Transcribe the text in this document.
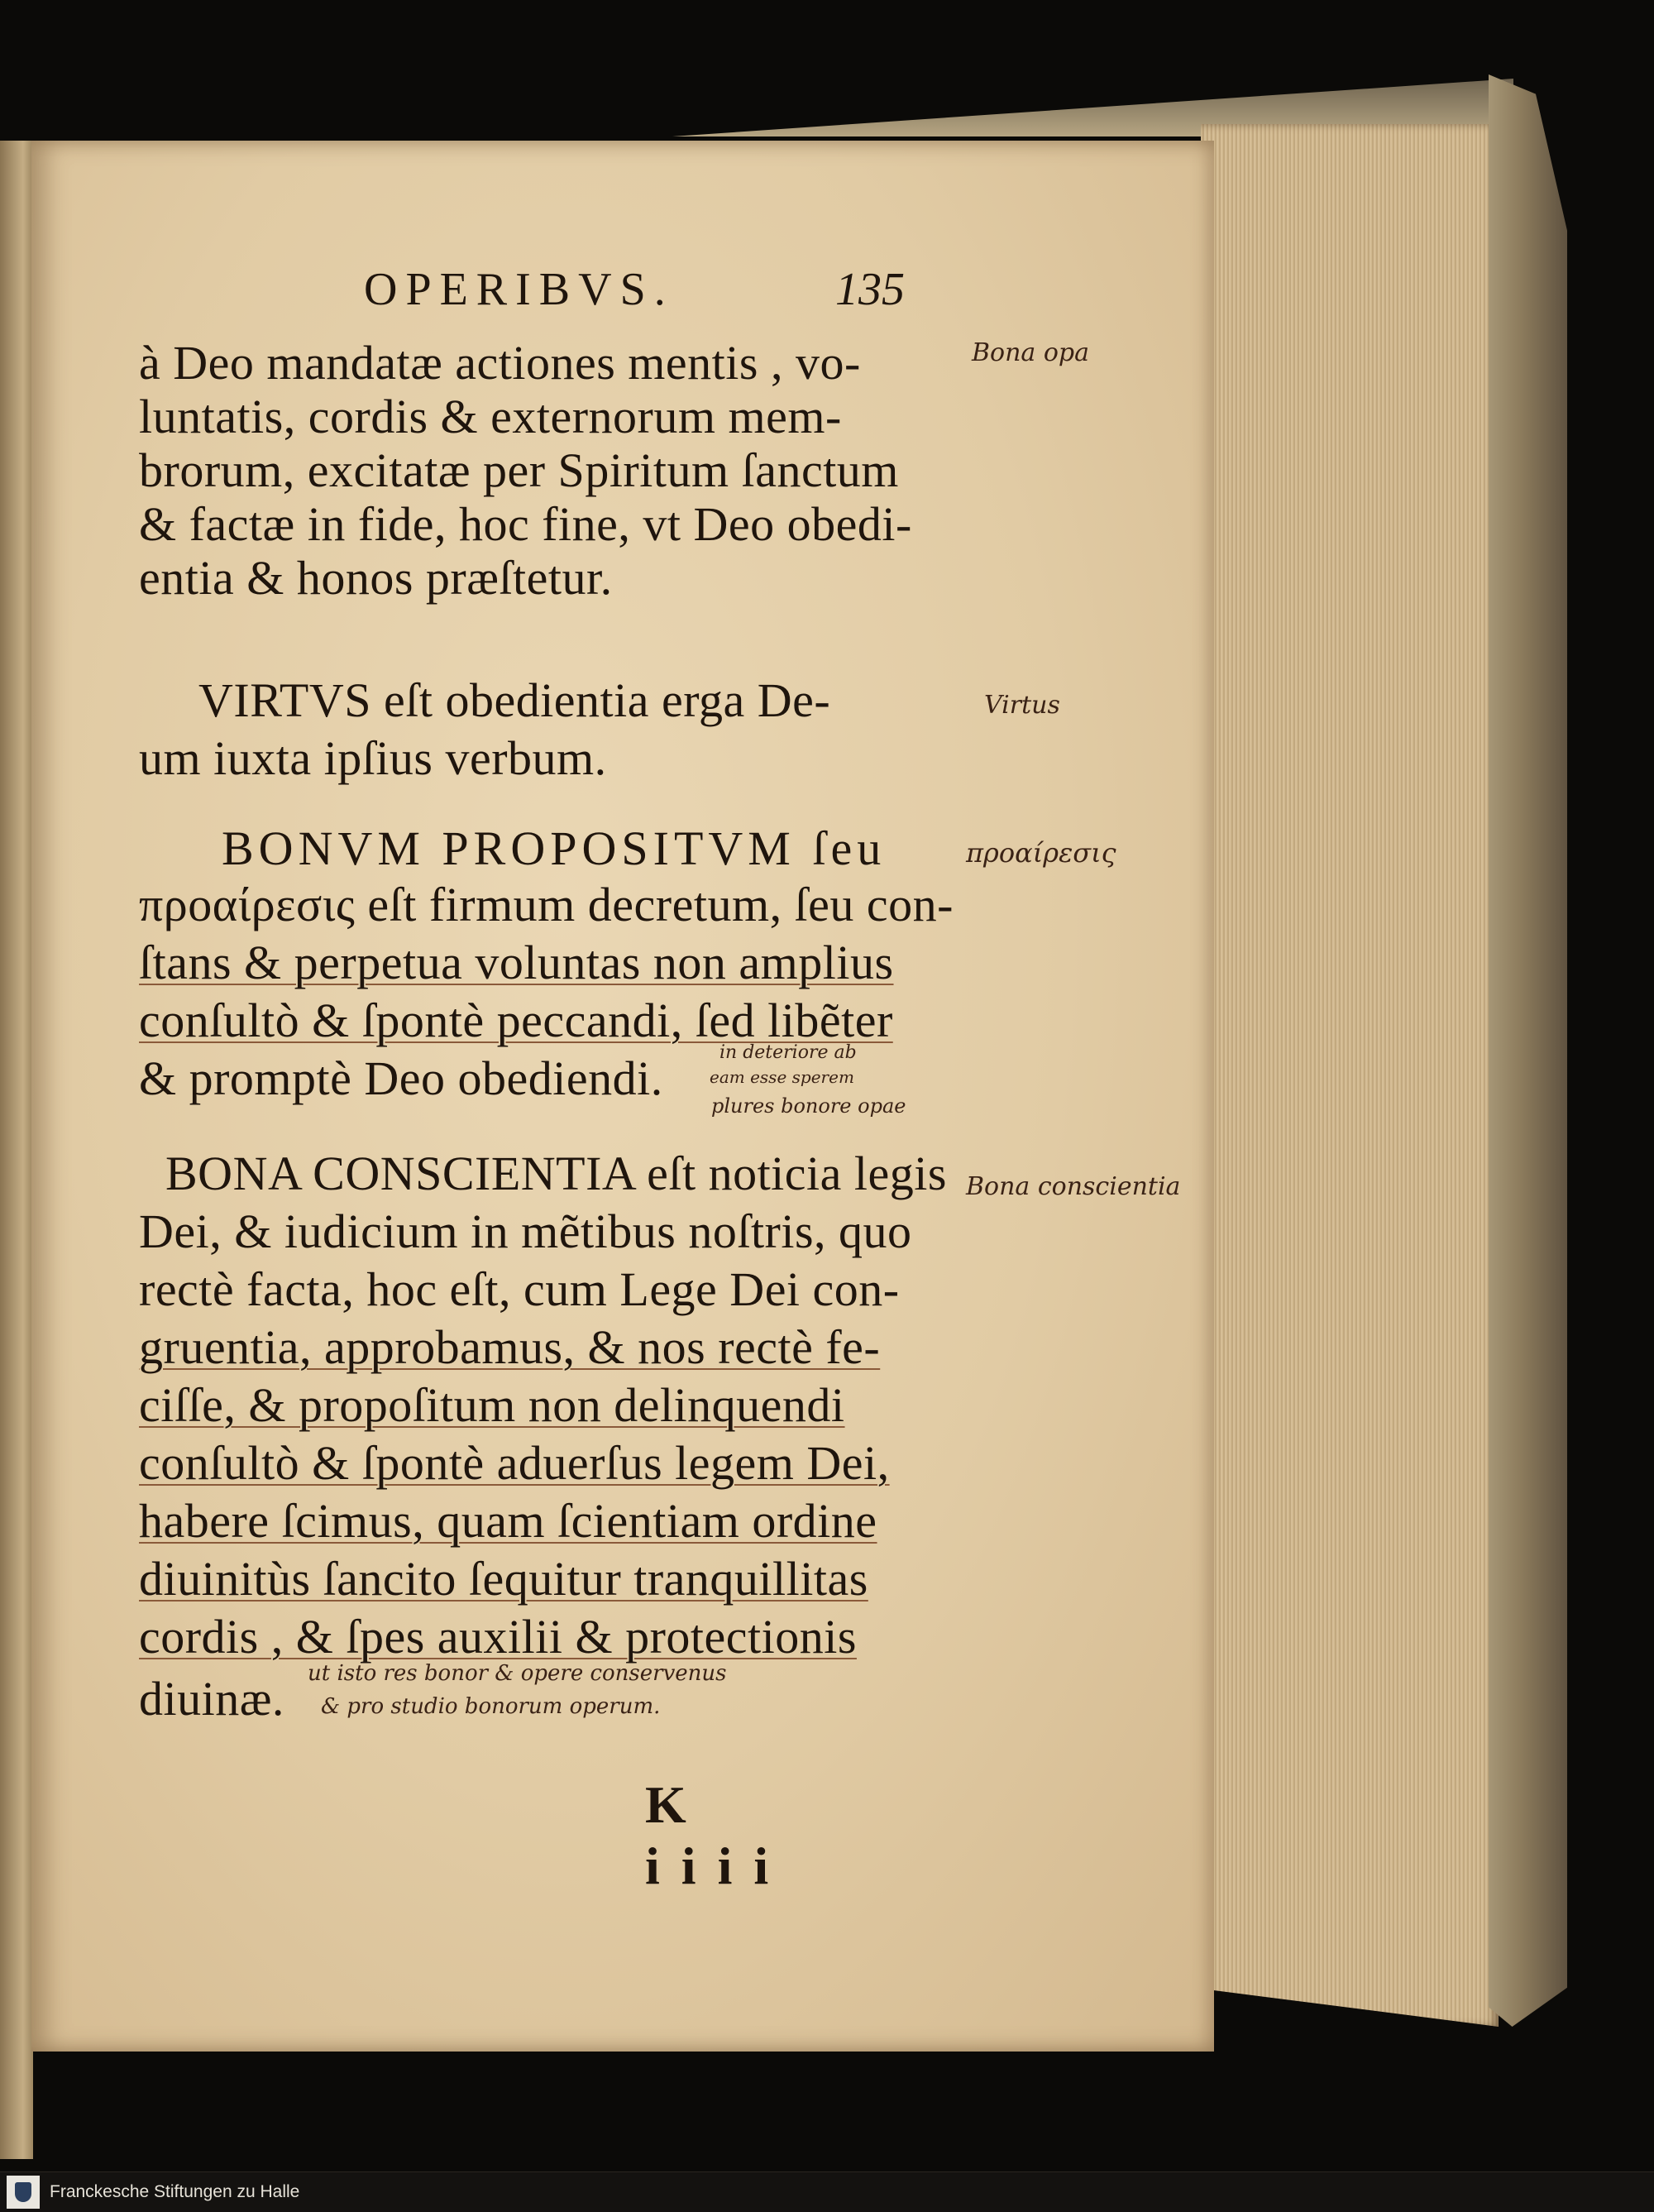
OPERIBVS.	135
à Deo mandatæ actiones mentis , vo-
luntatis, cordis & externorum mem-
brorum, excitatæ per Spiritum ſanctum
& factæ in fide, hoc fine, vt Deo obedi-
entia & honos præſtetur.
VIRTVS eſt obedientia erga De-
um iuxta ipſius verbum.
BONVM PROPOSITVM ſeu
προαίρεσις eſt firmum decretum, ſeu con-
ſtans & perpetua voluntas non amplius
conſultò & ſpontè peccandi, ſed libẽter
& promptè Deo obediendi.
BONA CONSCIENTIA eſt noticia legis
Dei, & iudicium in mẽtibus noſtris, quo
rectè facta, hoc eſt, cum Lege Dei con-
gruentia, approbamus, & nos rectè fe-
ciſſe, & propoſitum non delinquendi
conſultò & ſpontè aduerſus legem Dei,
habere ſcimus, quam ſcientiam ordine
diuinitùs ſancito ſequitur tranquillitas
cordis , & ſpes auxilii & protectionis
diuinæ.
K iiii
Bona opa
Virtus
προαίρεσις
Bona conscientia
in deteriore ab
eam esse sperem
plures bonore opae
ut isto res bonor & opere conservenus
& pro studio bonorum operum.
Franckesche Stiftungen zu Halle
